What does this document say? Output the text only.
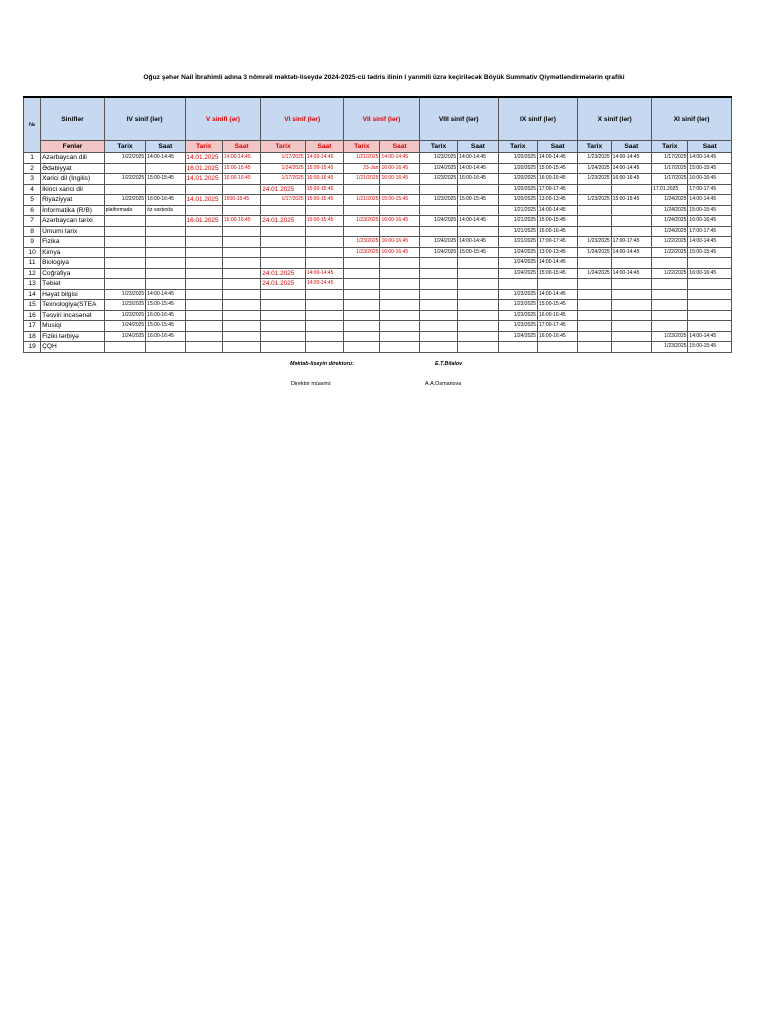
Oğuz şəhər Nail İbrahimli adına 3 nömrəli məktəb-liseydə 2024-2025-cü tədris ilinin I yarımili üzrə keçiriləcək Böyük Summativ Qiymətləndirmələrin qrafiki
№	Siniflər	IV sinif (lər)		V sinifi (ər)		VI sinif (lər)		VII sinif (lər)		VIII sinif (lər)		IX sinif (lər)		X sinif (lər)		XI sinif (lər)	
	Fənlər	Tarix	Saat	Tarix	Saat	Tarix	Saat	Tarix	Saat	Tarix	Saat	Tarix	Saat	Tarix	Saat	Tarix	Saat
1	Azərbaycan dili	1/22/2025	14:00-14:45	14.01.2025	14:00-14:45	1/17/2025	14:00-14:45	1/21/2025	14:00-14:45	1/23/2025	14:00-14:45	1/20/2025	14:00-14:45	1/23/2025	14:00-14:45	1/17/2025	14:00-14:45
2	Ədəbiyyat			16.01.2025	15:00-15:45	1/24/2025	15:00-15:45	23-Jan	16:00-16:45	1/24/2025	14:00-14:45	1/20/2025	15:00-15:45	1/24/2025	14:00-14:45	1/17/2025	15:00-15:45
3	Xarici dil (İngilis)	1/22/2025	15:00-15:45	14.01.2025	16:00-16:45	1/17/2025	16:00-16:45	1/21/2025	16:00-16:45	1/23/2025	16:00-16:45	1/20/2025	16:00-16:45	1/23/2025	16:00-16:45	1/17/2025	16:00-16:45
4	İkinci xarici dil					24.01.2025	15:00-15:45					1/20/2025	17:00-17:45			17.01.2025	17:00-17:45
5	Riyaziyyat	1/22/2025	16:00-16:45	14.01.2025	1500-15:45	1/17/2025	15:00-15:45	1/21/2025	15:00-15:45	1/23/2025	15:00-15:45	1/20/2025	13:00-13:45	1/23/2025	15:00-15:45	1/24/2025	14:00-14:45
6	İnformatika (R/B)	platformada	öz vaxtında									1/21/2025	14:00-14:45			1/24/2025	15:00-15:45
7	Azərbaycan tarixi			16.01.2025	16:00-16:45	24.01.2025	15:00-15:45	1/23/2025	16:00-16:45	1/24/2025	14:00-14:45	1/21/2025	15:00-15:45			1/24/2025	16:00-16:45
8	Ümumi tarix											1/21/2025	16:00-16:45			1/24/2025	17:00-17:45
9	Fizika							1/23/2025	16:00-16:45	1/24/2025	14:00-14:45	1/21/2025	17:00-17:45	1/23/2025	17:00-17:45	1/22/2025	14:00-14:45
10	Kimya							1/23/2025	16:00-16:45	1/24/2025	15:00-15:45	1/24/2025	13:00-13:45	1/24/2025	14:00-14:45	1/22/2025	15:00-15:45
11	Biologiya											1/24/2025	14:00-14:45				
12	Coğrafiya					24.01.2025	14:00-14:45					1/24/2025	15:00-15:45	1/24/2025	14:00-14:45	1/22/2025	16:00-16:45
13	Təbiət					24.01.2025	14:00-14:45										
14	Həyat bilgisi	1/23/2025	14:00-14:45									1/23/2025	14:00-14:45				
15	Texnologiya(STEA	1/23/2025	15:00-15:45									1/23/2025	15:00-15:45				
16	Təsviri incəsənət	1/23/2025	16:00-16:45									1/23/2025	16:00-16:45				
17	Musiqi	1/24/2025	15:00-15:45									1/23/2025	17:00-17:45				
18	Fiziki tərbiyə	1/24/2025	16:00-16:45									1/24/2025	16:00-16:45			1/23/2025	14:00-14:45
19	ÇQH															1/23/2025	15:00-15:45
Məktəb-liseyin direktoru:	E.T.Bilalov
Direktor müavini:	A.A.Osmanova
